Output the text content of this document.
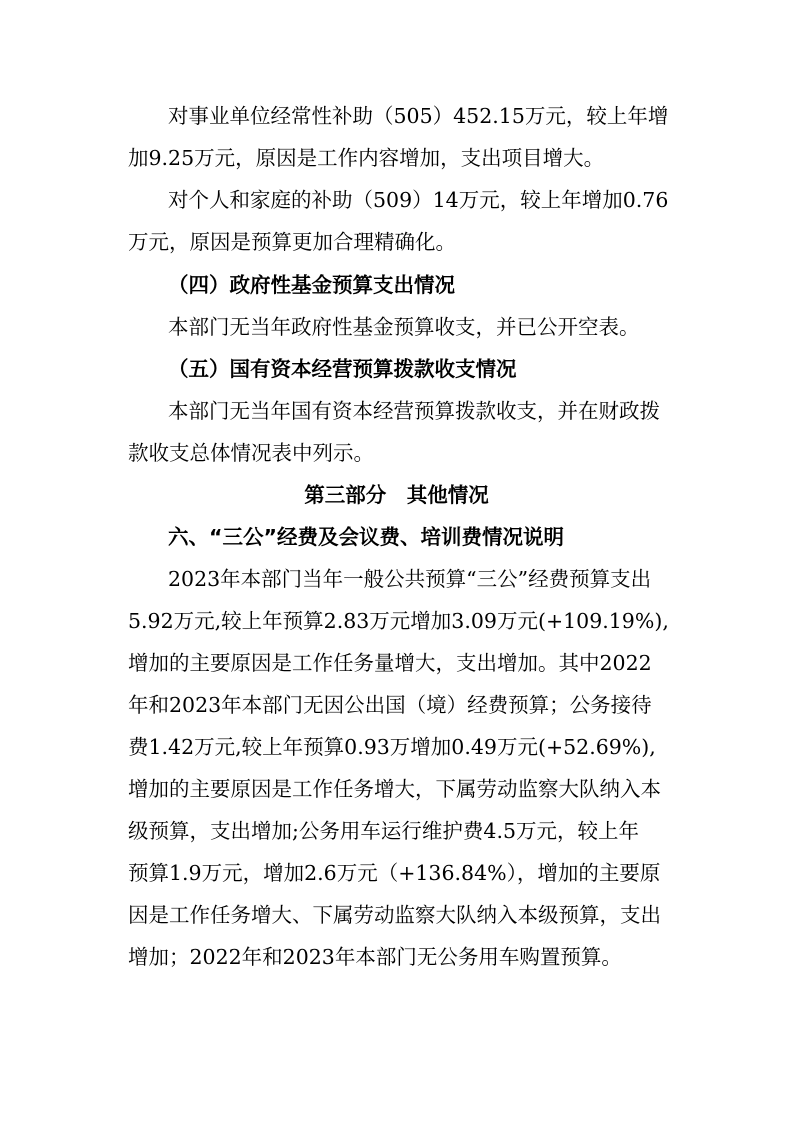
对事业单位经常性补助（505）452.15万元，较上年增
加9.25万元，原因是工作内容增加，支出项目增大。
对个人和家庭的补助（509）14万元，较上年增加0.76
万元，原因是预算更加合理精确化。
（四）政府性基金预算支出情况
本部门无当年政府性基金预算收支，并已公开空表。
（五）国有资本经营预算拨款收支情况
本部门无当年国有资本经营预算拨款收支，并在财政拨
款收支总体情况表中列示。
第三部分　其他情况
六、“三公”经费及会议费、培训费情况说明
2023年本部门当年一般公共预算“三公”经费预算支出
5.92万元,较上年预算2.83万元增加3.09万元(+109.19%),
增加的主要原因是工作任务量增大，支出增加。其中2022
年和2023年本部门无因公出国（境）经费预算；公务接待
费1.42万元,较上年预算0.93万增加0.49万元(+52.69%),
增加的主要原因是工作任务增大，下属劳动监察大队纳入本
级预算，支出增加;公务用车运行维护费4.5万元，较上年
预算1.9万元，增加2.6万元（+136.84%），增加的主要原
因是工作任务增大、下属劳动监察大队纳入本级预算，支出
增加；2022年和2023年本部门无公务用车购置预算。
